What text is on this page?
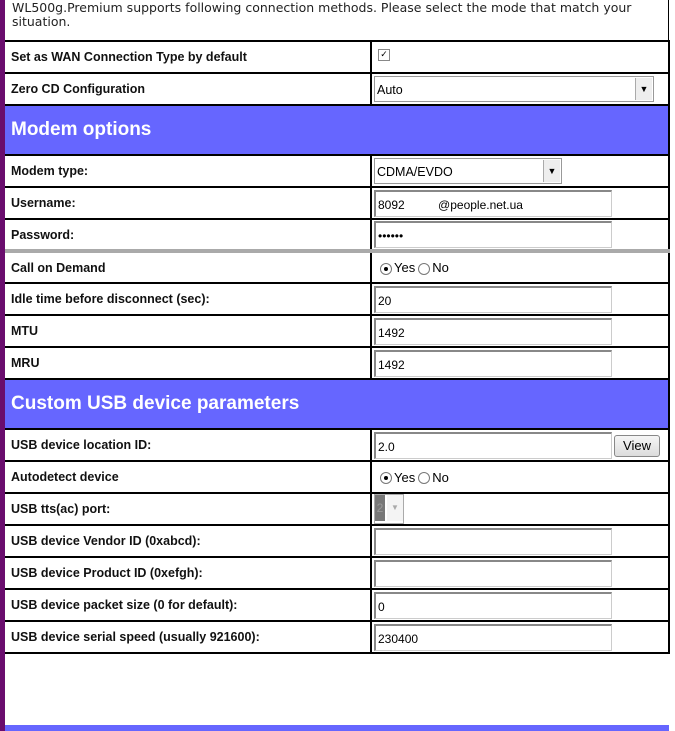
WL500g.Premium supports following connection methods. Please select the mode that match your situation.
Set as WAN Connection Type by default	✓
Zero CD Configuration	Auto ▼

Modem options	
Modem type:	CDMA/EVDO ▼

Username:	8092          @people.net.ua

Password:	••••••

Call on Demand	Yes No
Idle time before disconnect (sec):	20

MTU	1492

MRU	1492

Custom USB device parameters	
USB device location ID:	2.0 View

Autodetect device	Yes No
USB tts(ac) port:	2 ▼

USB device Vendor ID (0xabcd):	

USB device Product ID (0xefgh):	

USB device packet size (0 for default):	0

USB device serial speed (usually 921600):	230400
